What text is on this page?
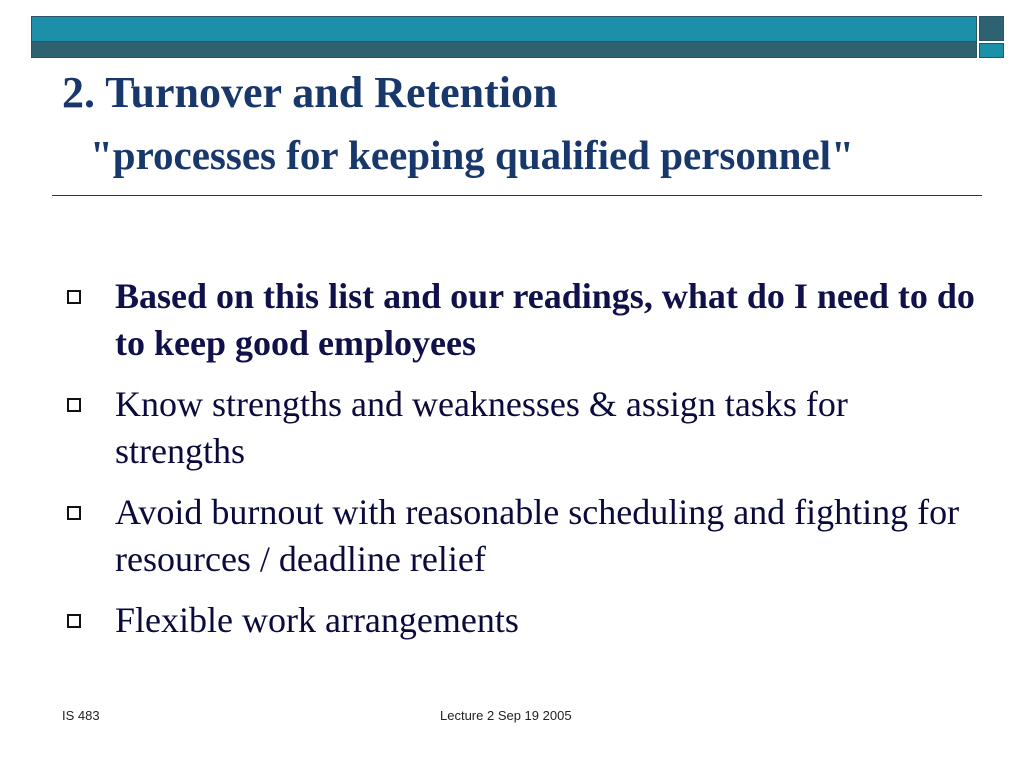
2. Turnover and Retention
"processes for keeping qualified personnel"
Based on this list and our readings, what do I need to do to keep good employees
Know strengths and weaknesses & assign tasks for strengths
Avoid burnout with reasonable scheduling and fighting for resources / deadline relief
Flexible work arrangements
IS 483	Lecture 2 Sep 19 2005
